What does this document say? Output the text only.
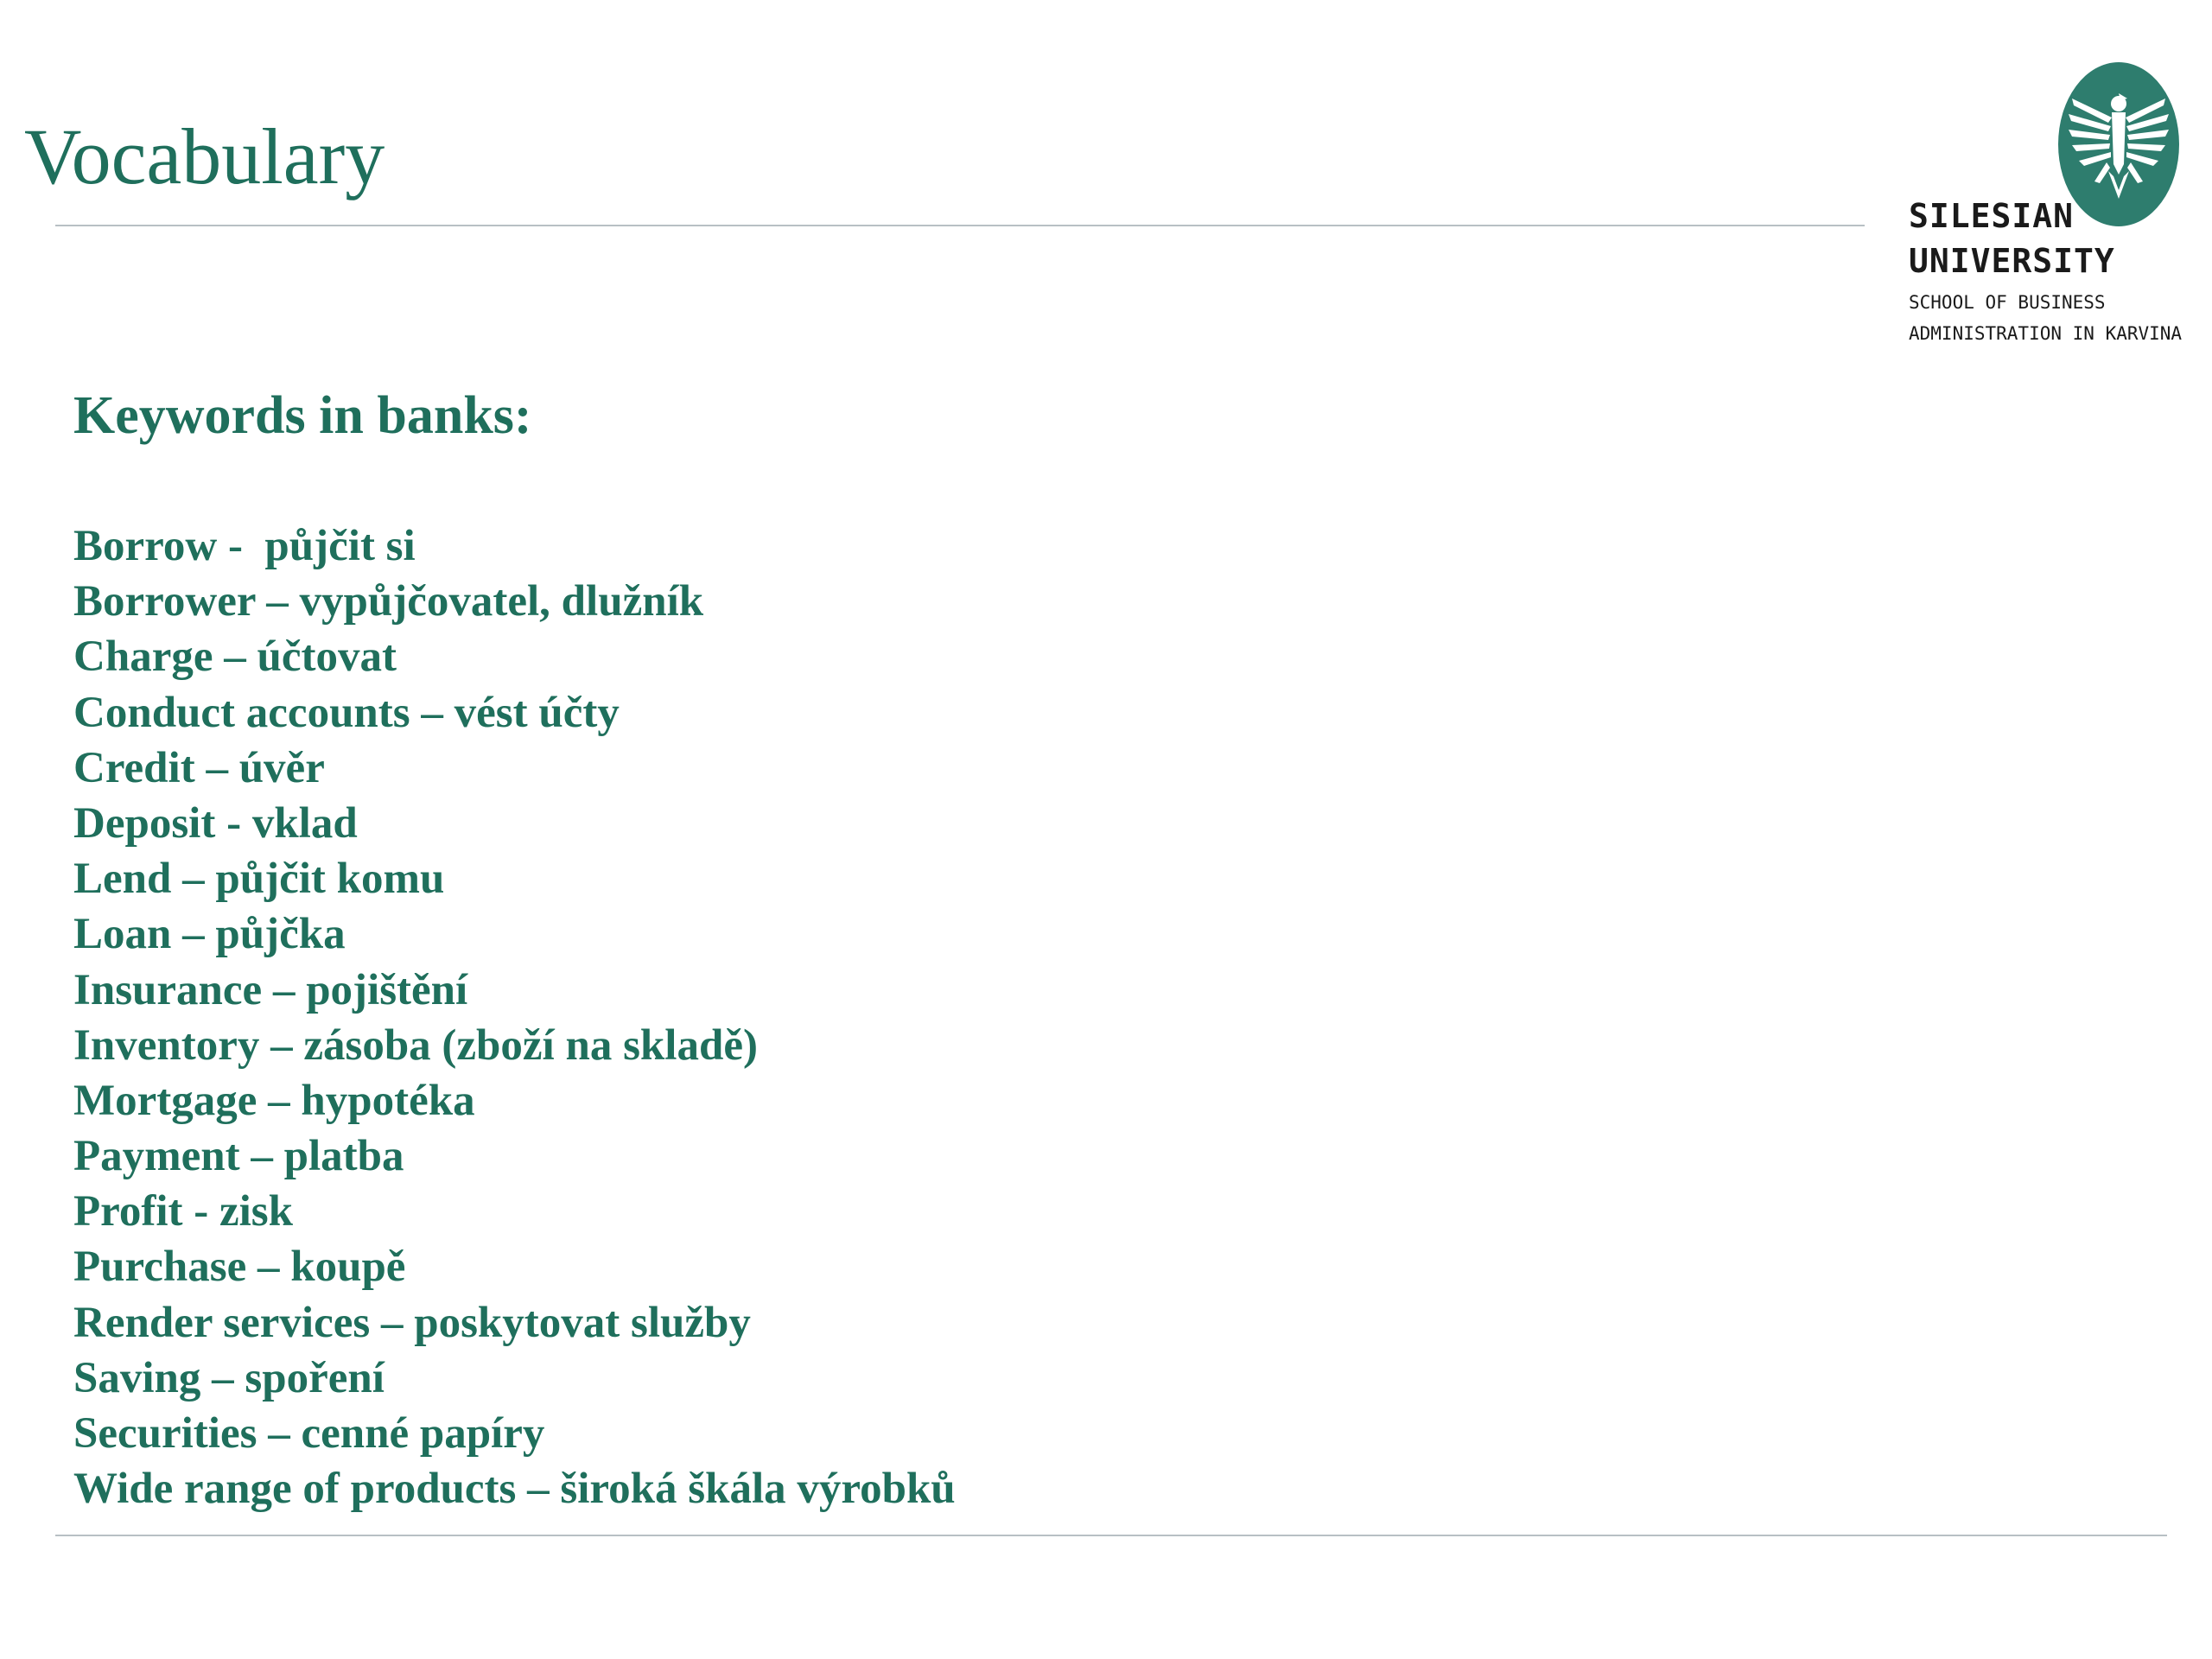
Vocabulary
SILESIAN
UNIVERSITY
SCHOOL OF BUSINESS
ADMINISTRATION IN KARVINA
Keywords in banks:
Borrow -  půjčit si
Borrower – vypůjčovatel, dlužník
Charge – účtovat
Conduct accounts – vést účty
Credit – úvěr
Deposit - vklad
Lend – půjčit komu
Loan – půjčka
Insurance – pojištění
Inventory – zásoba (zboží na skladě)
Mortgage – hypotéka
Payment – platba
Profit - zisk
Purchase – koupě
Render services – poskytovat služby
Saving – spoření
Securities – cenné papíry
Wide range of products – široká škála výrobků
